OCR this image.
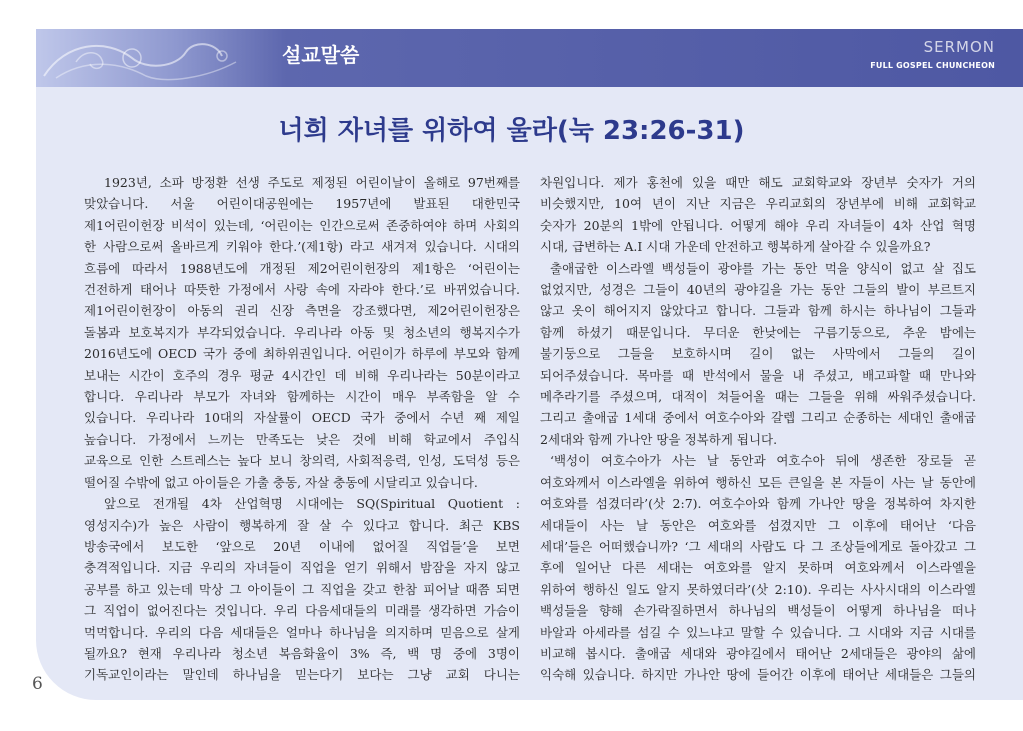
설교말씀	SERMON
FULL GOSPEL CHUNCHEON
너희 자녀를 위하여 울라(눅 23:26-31)
1923년, 소파 방정환 선생 주도로 제정된 어린이날이 올해로 97번째를
맞았습니다. 서울 어린이대공원에는 1957년에 발표된 대한민국
제1어린이헌장 비석이 있는데, ‘어린이는 인간으로써 존중하여야 하며 사회의
한 사람으로써 올바르게 키워야 한다.’(제1항) 라고 새겨져 있습니다. 시대의
흐름에 따라서 1988년도에 개정된 제2어린이헌장의 제1항은 ‘어린이는
건전하게 태어나 따뜻한 가정에서 사랑 속에 자라야 한다.’로 바뀌었습니다.
제1어린이헌장이 아동의 권리 신장 측면을 강조했다면, 제2어린이헌장은
돌봄과 보호복지가 부각되었습니다. 우리나라 아동 및 청소년의 행복지수가
2016년도에 OECD 국가 중에 최하위권입니다. 어린이가 하루에 부모와 함께
보내는 시간이 호주의 경우 평균 4시간인 데 비해 우리나라는 50분이라고
합니다. 우리나라 부모가 자녀와 함께하는 시간이 매우 부족함을 알 수
있습니다. 우리나라 10대의 자살률이 OECD 국가 중에서 수년 째 제일
높습니다. 가정에서 느끼는 만족도는 낮은 것에 비해 학교에서 주입식
교육으로 인한 스트레스는 높다 보니 창의력, 사회적응력, 인성, 도덕성 등은
떨어질 수밖에 없고 아이들은 가출 충동, 자살 충동에 시달리고 있습니다.
앞으로 전개될 4차 산업혁명 시대에는 SQ(Spiritual Quotient :
영성지수)가 높은 사람이 행복하게 잘 살 수 있다고 합니다. 최근 KBS
방송국에서 보도한 ‘앞으로 20년 이내에 없어질 직업들’을 보면
충격적입니다. 지금 우리의 자녀들이 직업을 얻기 위해서 밤잠을 자지 않고
공부를 하고 있는데 막상 그 아이들이 그 직업을 갖고 한참 피어날 때쯤 되면
그 직업이 없어진다는 것입니다. 우리 다음세대들의 미래를 생각하면 가슴이
먹먹합니다. 우리의 다음 세대들은 얼마나 하나님을 의지하며 믿음으로 살게
될까요? 현재 우리나라 청소년 복음화율이 3% 즉, 백 명 중에 3명이
기독교인이라는 말인데 하나님을 믿는다기 보다는 그냥 교회 다니는
차원입니다. 제가 홍천에 있을 때만 해도 교회학교와 장년부 숫자가 거의
비슷했지만, 10여 년이 지난 지금은 우리교회의 장년부에 비해 교회학교
숫자가 20분의 1밖에 안됩니다. 어떻게 해야 우리 자녀들이 4차 산업 혁명
시대, 급변하는 A.I 시대 가운데 안전하고 행복하게 살아갈 수 있을까요?
출애굽한 이스라엘 백성들이 광야를 가는 동안 먹을 양식이 없고 살 집도
없었지만, 성경은 그들이 40년의 광야길을 가는 동안 그들의 발이 부르트지
않고 옷이 해어지지 않았다고 합니다. 그들과 함께 하시는 하나님이 그들과
함께 하셨기 때문입니다. 무더운 한낮에는 구름기둥으로, 추운 밤에는
불기둥으로 그들을 보호하시며 길이 없는 사막에서 그들의 길이
되어주셨습니다. 목마를 때 반석에서 물을 내 주셨고, 배고파할 때 만나와
메추라기를 주셨으며, 대적이 쳐들어올 때는 그들을 위해 싸워주셨습니다.
그리고 출애굽 1세대 중에서 여호수아와 갈렙 그리고 순종하는 세대인 출애굽
2세대와 함께 가나안 땅을 정복하게 됩니다.
‘백성이 여호수아가 사는 날 동안과 여호수아 뒤에 생존한 장로들 곧
여호와께서 이스라엘을 위하여 행하신 모든 큰일을 본 자들이 사는 날 동안에
여호와를 섬겼더라’(삿 2:7). 여호수아와 함께 가나안 땅을 정복하여 차지한
세대들이 사는 날 동안은 여호와를 섬겼지만 그 이후에 태어난 ‘다음
세대’들은 어떠했습니까? ‘그 세대의 사람도 다 그 조상들에게로 돌아갔고 그
후에 일어난 다른 세대는 여호와를 알지 못하며 여호와께서 이스라엘을
위하여 행하신 일도 알지 못하였더라’(삿 2:10). 우리는 사사시대의 이스라엘
백성들을 향해 손가락질하면서 하나님의 백성들이 어떻게 하나님을 떠나
바알과 아세라를 섬길 수 있느냐고 말할 수 있습니다. 그 시대와 지금 시대를
비교해 봅시다. 출애굽 세대와 광야길에서 태어난 2세대들은 광야의 삶에
익숙해 있습니다. 하지만 가나안 땅에 들어간 이후에 태어난 세대들은 그들의
6
